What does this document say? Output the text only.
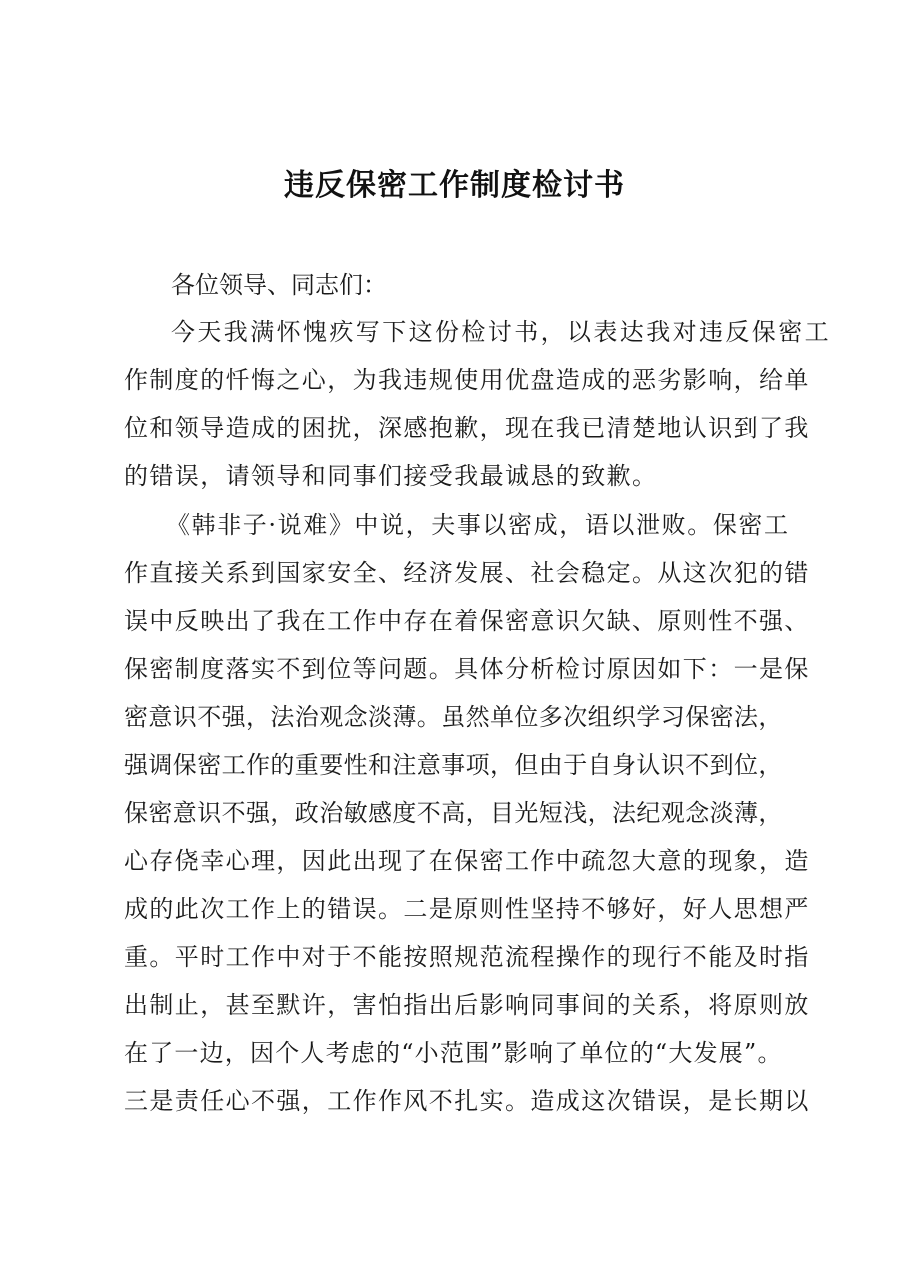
违反保密工作制度检讨书

各位领导、同志们：

今天我满怀愧疚写下这份检讨书，以表达我对违反保密工

作制度的忏悔之心，为我违规使用优盘造成的恶劣影响，给单

位和领导造成的困扰，深感抱歉，现在我已清楚地认识到了我

的错误，请领导和同事们接受我最诚恳的致歉。

《韩非子·说难》中说，夫事以密成，语以泄败。保密工

作直接关系到国家安全、经济发展、社会稳定。从这次犯的错

误中反映出了我在工作中存在着保密意识欠缺、原则性不强、

保密制度落实不到位等问题。具体分析检讨原因如下：一是保

密意识不强，法治观念淡薄。虽然单位多次组织学习保密法，

强调保密工作的重要性和注意事项，但由于自身认识不到位，

保密意识不强，政治敏感度不高，目光短浅，法纪观念淡薄，

心存侥幸心理，因此出现了在保密工作中疏忽大意的现象，造

成的此次工作上的错误。二是原则性坚持不够好，好人思想严

重。平时工作中对于不能按照规范流程操作的现行不能及时指

出制止，甚至默许，害怕指出后影响同事间的关系，将原则放

在了一边，因个人考虑的“小范围”影响了单位的“大发展”。

三是责任心不强，工作作风不扎实。造成这次错误，是长期以
